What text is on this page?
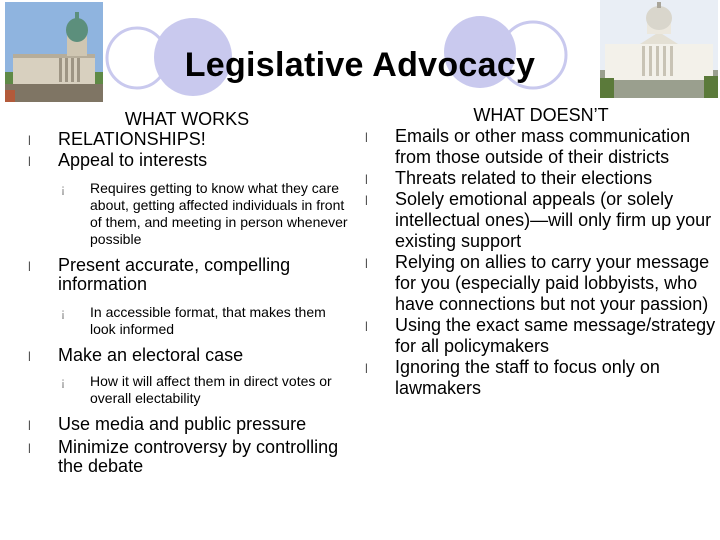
Legislative Advocacy
WHAT WORKS
l RELATIONSHIPS!
l Appeal to interests
¡ Requires getting to know what they care about, getting affected individuals in front of them, and meeting in person whenever possible
l Present accurate, compelling information
¡ In accessible format, that makes them look informed
l Make an electoral case
¡ How it will affect them in direct votes or overall electability
l Use media and public pressure
l Minimize controversy by controlling the debate
WHAT DOESN’T
l Emails or other mass communication from those outside of their districts
l Threats related to their elections
l Solely emotional appeals (or solely intellectual ones)—will only firm up your existing support
l Relying on allies to carry your message for you (especially paid lobbyists, who have connections but not your passion)
l Using the exact same message/strategy for all policymakers
l Ignoring the staff to focus only on lawmakers
